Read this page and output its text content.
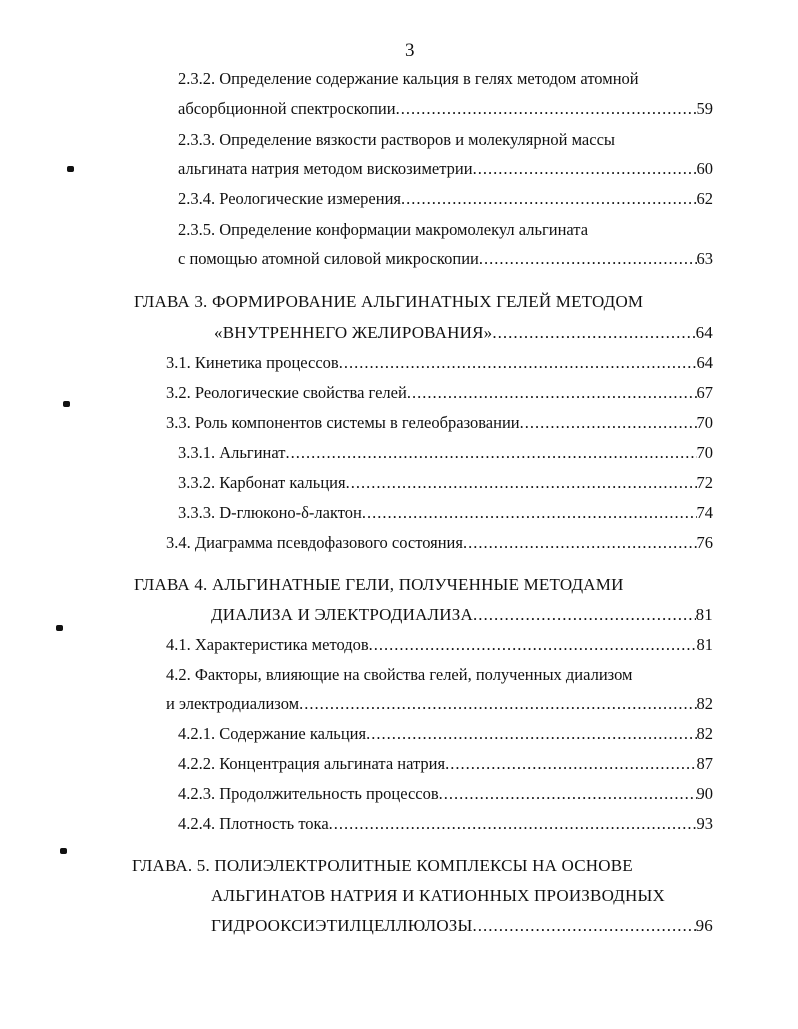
3
2.3.2. Определение содержание кальция в гелях методом атомной
абсорбционной спектроскопии .....	59
2.3.3. Определение вязкости растворов и молекулярной массы
альгината натрия методом вискозиметрии .....	60
2.3.4. Реологические измерения .....	62
2.3.5. Определение конформации макромолекул альгината
с помощью атомной силовой микроскопии .....	63
ГЛАВА 3. ФОРМИРОВАНИЕ АЛЬГИНАТНЫХ ГЕЛЕЙ МЕТОДОМ
«ВНУТРЕННЕГО ЖЕЛИРОВАНИЯ» .....	64
3.1. Кинетика процессов .....	64
3.2. Реологические свойства гелей .....	67
3.3. Роль компонентов системы в гелеобразовании .....	70
3.3.1. Альгинат .....	70
3.3.2. Карбонат кальция .....	72
3.3.3. D-глюконо-δ-лактон .....	74
3.4. Диаграмма псевдофазового состояния .....	76
ГЛАВА 4. АЛЬГИНАТНЫЕ ГЕЛИ, ПОЛУЧЕННЫЕ МЕТОДАМИ
ДИАЛИЗА И ЭЛЕКТРОДИАЛИЗА .....	81
4.1. Характеристика методов .....	81
4.2. Факторы, влияющие на свойства гелей, полученных диализом
и электродиализом .....	82
4.2.1. Содержание кальция .....	82
4.2.2. Концентрация альгината натрия .....	87
4.2.3. Продолжительность процессов .....	90
4.2.4. Плотность тока .....	93
ГЛАВА. 5. ПОЛИЭЛЕКТРОЛИТНЫЕ КОМПЛЕКСЫ НА ОСНОВЕ
АЛЬГИНАТОВ НАТРИЯ И КАТИОННЫХ ПРОИЗВОДНЫХ
ГИДРООКСИЭТИЛЦЕЛЛЮЛОЗЫ .....	96
